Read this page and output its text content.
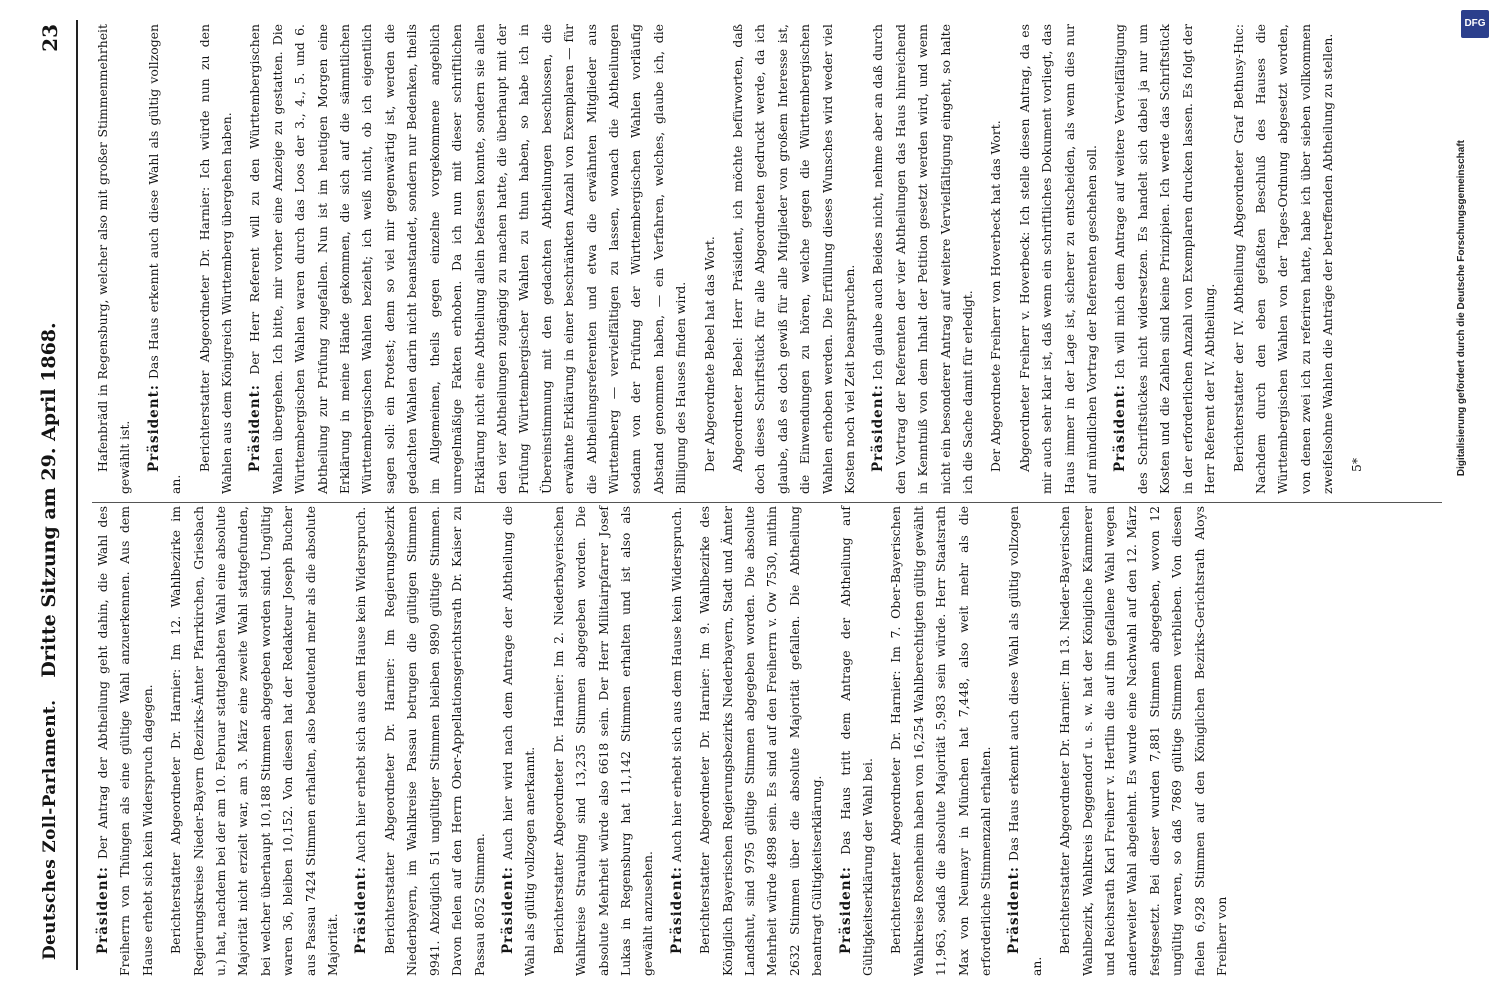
Deutsches Zoll-Parlament.
Dritte Sitzung am 29. April 1868.
23

Präsident: Der Antrag der Abtheilung geht dahin, die Wahl des Freiherrn von Thüngen als eine gültige Wahl anzuerkennen. Aus dem Hause erhebt sich kein Widerspruch dagegen.	Berichterstatter Abgeordneter Dr. Harnier: Im 12. Wahlbezirke im Regierungskreise Nieder-Bayern (Bezirks-Ämter Pfarrkirchen, Griesbach u.) hat, nachdem bei der am 10. Februar stattgehabten Wahl eine absolute Majorität nicht erzielt war, am 3. März eine zweite Wahl stattgefunden, bei welcher überhaupt 10,188 Stimmen abgegeben worden sind. Ungültig waren 36, bleiben 10,152. Von diesen hat der Redakteur Joseph Bucher aus Passau 7424 Stimmen erhalten, also bedeutend mehr als die absolute Majorität. Präsident: Auch hier erhebt sich aus dem Hause kein Widerspruch.	Berichterstatter Abgeordneter Dr. Harnier: Im Regierungsbezirk Niederbayern, im Wahlkreise Passau betrugen die gültigen Stimmen 9941. Abzüglich 51 ungültiger Stimmen bleiben 9890 gültige Stimmen. Davon fielen auf den Herrn Ober-Appellationsgerichtsrath Dr. Kaiser zu Passau 8052 Stimmen. Präsident: Auch hier wird nach dem Antrage der Abtheilung die Wahl als gültig vollzogen anerkannt.	Berichterstatter Abgeordneter Dr. Harnier: Im 2. Niederbayerischen Wahlkreise Straubing sind 13,235 Stimmen abgegeben worden. Die absolute Mehrheit würde also 6618 sein. Der Herr Militairpfarrer Josef Lukas in Regensburg hat 11,142 Stimmen erhalten und ist also als gewählt anzusehen. Präsident: Auch hier erhebt sich aus dem Hause kein Widerspruch.	Berichterstatter Abgeordneter Dr. Harnier: Im 9. Wahlbezirke des Königlich Bayerischen Regierungsbezirks Niederbayern, Stadt und Ämter Landshut, sind 9795 gültige Stimmen abgegeben worden. Die absolute Mehrheit würde 4898 sein. Es sind auf den Freiherrn v. Ow 7530, mithin 2632 Stimmen über die absolute Majorität gefallen. Die Abtheilung beantragt Gültigkeitserklärung. Präsident: Das Haus tritt dem Antrage der Abtheilung auf Gültigkeitserklärung der Wahl bei.	Berichterstatter Abgeordneter Dr. Harnier: Im 7. Ober-Bayerischen Wahlkreise Rosenheim haben von 16,254 Wahlberechtigten gültig gewählt 11,963, sodaß die absolute Majorität 5,983 sein würde. Herr Staatsrath Max von Neumayr in München hat 7,448, also weit mehr als die erforderliche Stimmenzahl erhalten. Präsident: Das Haus erkennt auch diese Wahl als gültig vollzogen an.

Berichterstatter Abgeordneter Dr. Harnier: Im 13. Nieder-Bayerischen Wahlbezirk, Wahlkreis Deggendorf u. s. w. hat der Königliche Kämmerer und Reichsrath Karl Freiherr v. Hertlin die auf ihn gefallene Wahl wegen anderweiter Wahl abgelehnt. Es wurde eine Nachwahl auf den 12. März festgesetzt. Bei dieser wurden 7,881 Stimmen abgegeben, wovon 12 ungültig waren, so daß 7869 gültige Stimmen verblieben. Von diesen fielen 6,928 Stimmen auf den Königlichen Bezirks-Gerichtsrath Aloys Freiherr von

Hafenbrädl in Regensburg, welcher also mit großer Stimmenmehrheit gewählt ist. Präsident: Das Haus erkennt auch diese Wahl als gültig vollzogen an.

Berichterstatter Abgeordneter Dr. Harnier: Ich würde nun zu den Wahlen aus dem Königreich Württemberg übergehen haben. Präsident: Der Herr Referent will zu den Württembergischen Wahlen übergehen. Ich bitte, mir vorher eine Anzeige zu gestatten. Die Württembergischen Wahlen waren durch das Loos der 3., 4., 5. und 6. Abtheilung zur Prüfung zugefallen. Nun ist im heutigen Morgen eine Erklärung in meine Hände gekommen, die sich auf die sämmtlichen Württembergischen Wahlen bezieht; ich weiß nicht, ob ich eigentlich sagen soll: ein Protest; denn so viel mir gegenwärtig ist, werden die gedachten Wahlen darin nicht beanstandet, sondern nur Bedenken, theils im Allgemeinen, theils gegen einzelne vorgekommene angeblich unregelmäßige Fakten erhoben. Da ich nun mit dieser schriftlichen Erklärung nicht eine Abtheilung allein befassen konnte, sondern sie allen den vier Abtheilungen zugängig zu machen hatte, die überhaupt mit der Prüfung Württembergischer Wahlen zu thun haben, so habe ich in Übereinstimmung mit den gedachten Abtheilungen beschlossen, die erwähnte Erklärung in einer beschränkten Anzahl von Exemplaren — für die Abtheilungsreferenten und etwa die erwähnten Mitglieder aus Württemberg — vervielfältigen zu lassen, wonach die Abtheilungen sodann von der Prüfung der Württembergischen Wahlen vorläufig Abstand genommen haben, — ein Verfahren, welches, glaube ich, die Billigung des Hauses finden wird.	Der Abgeordnete Bebel hat das Wort.	Abgeordneter Bebel: Herr Präsident, ich möchte befürworten, daß doch dieses Schriftstück für alle Abgeordneten gedruckt werde, da ich glaube, daß es doch gewiß für alle Mitglieder von großem Interesse ist, die Einwendungen zu hören, welche gegen die Württembergischen Wahlen erhoben werden. Die Erfüllung dieses Wunsches wird weder viel Kosten noch viel Zeit beanspruchen. Präsident: Ich glaube auch Beides nicht, nehme aber an daß durch den Vortrag der Referenten der vier Abtheilungen das Haus hinreichend in Kenntniß von dem Inhalt der Petition gesetzt werden wird, und wenn nicht ein besonderer Antrag auf weitere Vervielfältigung eingeht, so halte ich die Sache damit für erledigt.	Der Abgeordnete Freiherr von Hoverbeck hat das Wort.	Abgeordneter Freiherr v. Hoverbeck: Ich stelle diesen Antrag, da es mir auch sehr klar ist, daß wenn ein schriftliches Dokument vorliegt, das Haus immer in der Lage ist, sicherer zu entscheiden, als wenn dies nur auf mündlichen Vortrag der Referenten geschehen soll. Präsident: Ich will mich dem Antrage auf weitere Vervielfältigung des Schriftstückes nicht widersetzen. Es handelt sich dabei ja nur um Kosten und die Zahlen sind keine Prinzipien. Ich werde das Schriftstück in der erforderlichen Anzahl von Exemplaren drucken lassen. Es folgt der Herr Referent der IV. Abtheilung.	Berichterstatter der IV. Abtheilung Abgeordneter Graf Bethusy-Huc: Nachdem durch den eben gefaßten Beschluß des Hauses die Württembergischen Wahlen von der Tages-Ordnung abgesetzt worden, von denen zwei ich zu referiren hatte, habe ich über sieben vollkommen zweifelsohne Wahlen die Anträge der betreffenden Abtheilung zu stellen.	5*

DFG
Digitalisierung gefördert durch die Deutsche Forschungsgemeinschaft
